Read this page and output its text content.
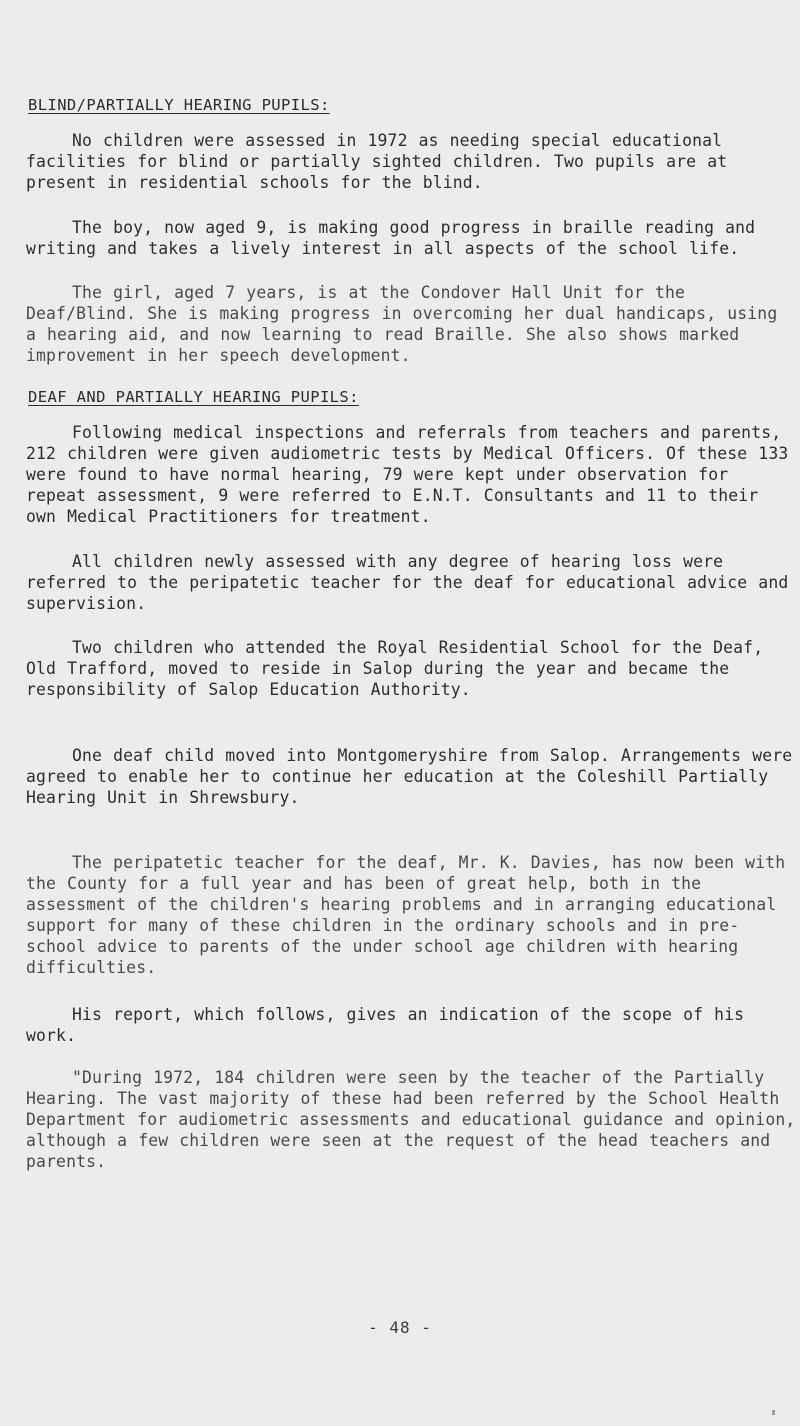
BLIND/PARTIALLY HEARING PUPILS:

No children were assessed in 1972 as needing special educational facilities for blind or partially sighted children. Two pupils are at present in residential schools for the blind.

The boy, now aged 9, is making good progress in braille reading and writing and takes a lively interest in all aspects of the school life.

The girl, aged 7 years, is at the Condover Hall Unit for the Deaf/Blind. She is making progress in overcoming her dual handicaps, using a hearing aid, and now learning to read Braille. She also shows marked improvement in her speech development.

DEAF AND PARTIALLY HEARING PUPILS:

Following medical inspections and referrals from teachers and parents, 212 children were given audiometric tests by Medical Officers. Of these 133 were found to have normal hearing, 79 were kept under observation for repeat assessment, 9 were referred to E.N.T. Consultants and 11 to their own Medical Practitioners for treatment.

All children newly assessed with any degree of hearing loss were referred to the peripatetic teacher for the deaf for educational advice and supervision.

Two children who attended the Royal Residential School for the Deaf, Old Trafford, moved to reside in Salop during the year and became the responsibility of Salop Education Authority.

One deaf child moved into Montgomeryshire from Salop. Arrangements were agreed to enable her to continue her education at the Coleshill Partially Hearing Unit in Shrewsbury.

The peripatetic teacher for the deaf, Mr. K. Davies, has now been with the County for a full year and has been of great help, both in the assessment of the children's hearing problems and in arranging educational support for many of these children in the ordinary schools and in pre-school advice to parents of the under school age children with hearing difficulties.

His report, which follows, gives an indication of the scope of his work.

"During 1972, 184 children were seen by the teacher of the Partially Hearing. The vast majority of these had been referred by the School Health Department for audiometric assessments and educational guidance and opinion, although a few children were seen at the request of the head teachers and parents.

- 48 -
